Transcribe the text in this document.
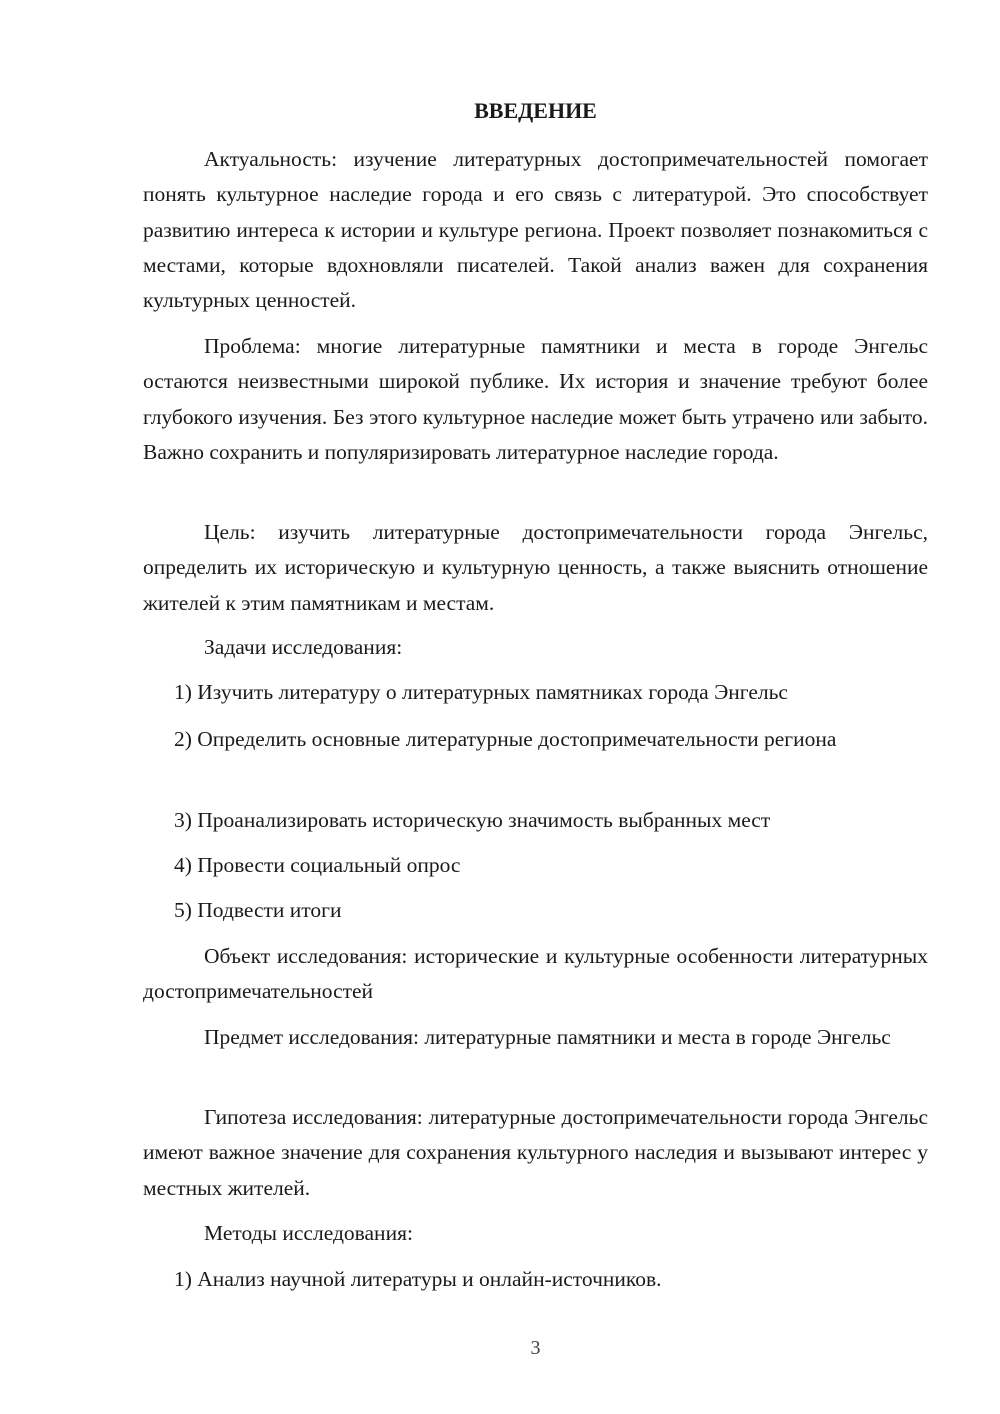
ВВЕДЕНИЕ

Актуальность: изучение литературных достопримечательностей помогает понять культурное наследие города и его связь с литературой. Это способствует развитию интереса к истории и культуре региона. Проект позволяет познакомиться с местами, которые вдохновляли писателей. Такой анализ важен для сохранения культурных ценностей.

Проблема: многие литературные памятники и места в городе Энгельс остаются неизвестными широкой публике. Их история и значение требуют более глубокого изучения. Без этого культурное наследие может быть утрачено или забыто. Важно сохранить и популяризировать литературное наследие города.

Цель: изучить литературные достопримечательности города Энгельс, определить их историческую и культурную ценность, а также выяснить отношение жителей к этим памятникам и местам.

Задачи исследования:

1) Изучить литературу о литературных памятниках города Энгельс

2) Определить основные литературные достопримечательности региона

3) Проанализировать историческую значимость выбранных мест

4) Провести социальный опрос

5) Подвести итоги

Объект исследования: исторические и культурные особенности литературных достопримечательностей

Предмет исследования: литературные памятники и места в городе Энгельс

Гипотеза исследования: литературные достопримечательности города Энгельс имеют важное значение для сохранения культурного наследия и вызывают интерес у местных жителей.

Методы исследования:

1) Анализ научной литературы и онлайн-источников.

3
